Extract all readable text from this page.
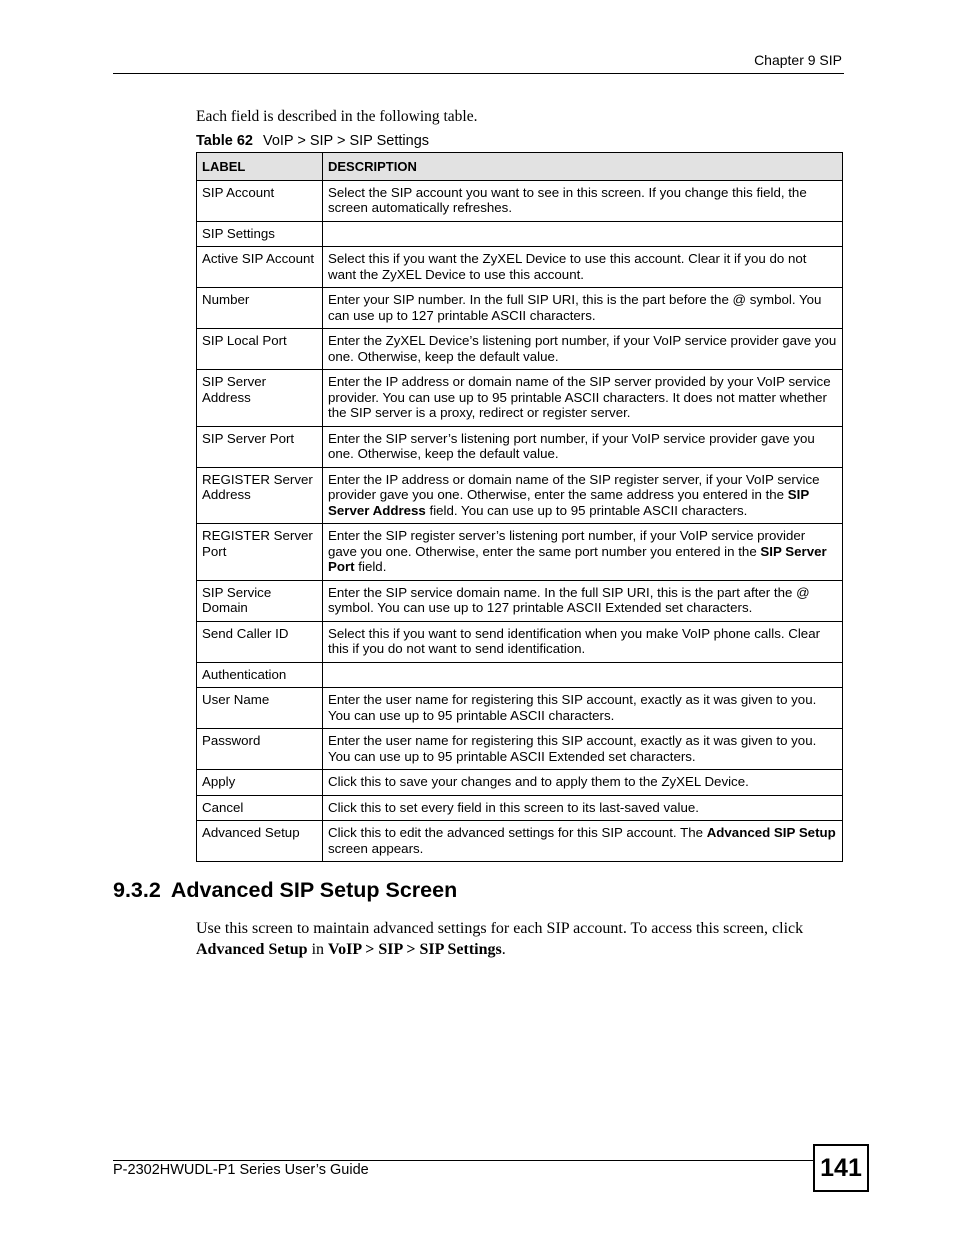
Chapter 9 SIP
Each field is described in the following table.
Table 62 VoIP > SIP > SIP Settings
LABEL	DESCRIPTION
SIP Account	Select the SIP account you want to see in this screen. If you change this field, the screen automatically refreshes.
SIP Settings	
Active SIP Account	Select this if you want the ZyXEL Device to use this account. Clear it if you do not want the ZyXEL Device to use this account.
Number	Enter your SIP number. In the full SIP URI, this is the part before the @ symbol. You can use up to 127 printable ASCII characters.
SIP Local Port	Enter the ZyXEL Device’s listening port number, if your VoIP service provider gave you one. Otherwise, keep the default value.
SIP Server Address	Enter the IP address or domain name of the SIP server provided by your VoIP service provider. You can use up to 95 printable ASCII characters. It does not matter whether the SIP server is a proxy, redirect or register server.
SIP Server Port	Enter the SIP server’s listening port number, if your VoIP service provider gave you one. Otherwise, keep the default value.
REGISTER Server Address	Enter the IP address or domain name of the SIP register server, if your VoIP service provider gave you one. Otherwise, enter the same address you entered in the SIP Server Address field. You can use up to 95 printable ASCII characters.
REGISTER Server Port	Enter the SIP register server’s listening port number, if your VoIP service provider gave you one. Otherwise, enter the same port number you entered in the SIP Server Port field.
SIP Service Domain	Enter the SIP service domain name. In the full SIP URI, this is the part after the @ symbol. You can use up to 127 printable ASCII Extended set characters.
Send Caller ID	Select this if you want to send identification when you make VoIP phone calls. Clear this if you do not want to send identification.
Authentication	
User Name	Enter the user name for registering this SIP account, exactly as it was given to you. You can use up to 95 printable ASCII characters.
Password	Enter the user name for registering this SIP account, exactly as it was given to you. You can use up to 95 printable ASCII Extended set characters.
Apply	Click this to save your changes and to apply them to the ZyXEL Device.
Cancel	Click this to set every field in this screen to its last-saved value.
Advanced Setup	Click this to edit the advanced settings for this SIP account. The Advanced SIP Setup screen appears.
9.3.2 Advanced SIP Setup Screen
Use this screen to maintain advanced settings for each SIP account. To access this screen, click Advanced Setup in VoIP > SIP > SIP Settings.
P-2302HWUDL-P1 Series User’s Guide	141
